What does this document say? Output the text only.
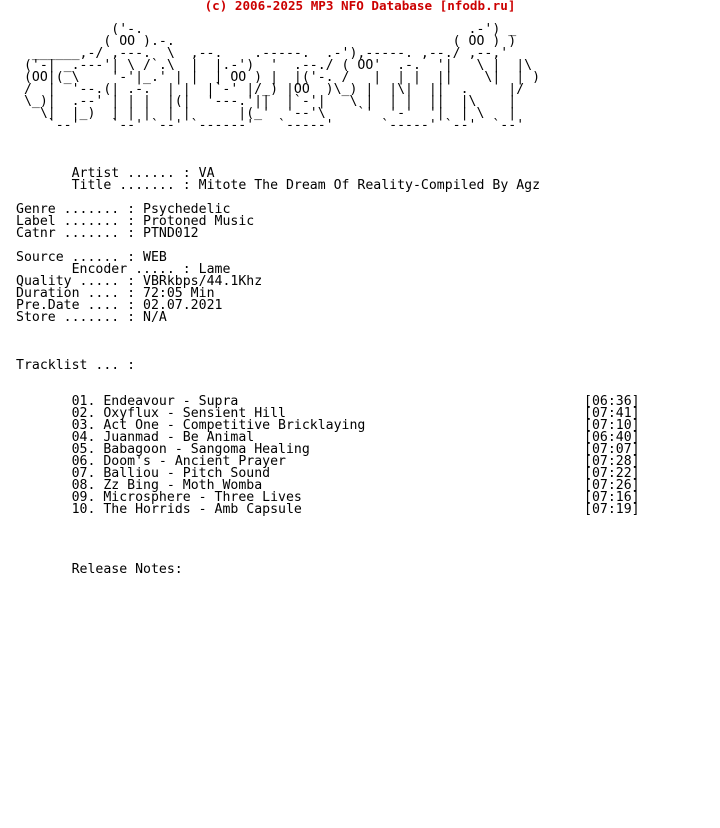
(c) 2006-2025 MP3 NFO Database [nfodb.ru]
('-.                                         .-') _
( OO ).-.                                   ( OO ) )
______,-/ ,---.  \  ,--.    .-----.  .-'),-----. ,--./ ,--,'
('-| _.---'| \ /`.\  |  |.-')  '  .--./ ( OO'  .-.  '|   \ |  |\
(OO|(_\    '-'|_.' | |  | OO ) |  |('-. /   |  | |  ||    \|  | )
/  |  '--.(| .-.  | |  |`-' |/_) |OO  )\_) |  |\|  ||  .     |/
\_)|  .--' | | |  |(|  '---.'||  |`-'|   \ |  | |  ||  |\    |
\|  |_)  | | |  | |      |(_'  '--'\    `'  '-'  '|  | \   |
`--'    `--' `--' `------'   `-----'      `-----' `--'  `--'
Artist ...... : VA
Title ....... : Mitote The Dream Of Reality-Compiled By Agz
Genre ....... : Psychedelic
Label ....... : Protoned Music
Catnr ....... : PTND012
Source ...... : WEB
Encoder ..... : Lame
Quality ..... : VBRkbps/44.1Khz
Duration .... : 72:05 Min
Pre.Date .... : 02.07.2021
Store ....... : N/A
Tracklist ... :
01. Endeavour - Supra	[06:36]
02. Oxyflux - Sensient Hill	[07:41]
03. Act One - Competitive Bricklaying	[07:10]
04. Juanmad - Be Animal	[06:40]
05. Babagoon - Sangoma Healing	[07:07]
06. Doom's - Ancient Prayer	[07:28]
07. Balliou - Pitch Sound	[07:22]
08. Zz Bing - Moth Womba	[07:26]
09. Microsphere - Three Lives	[07:16]
10. The Horrids - Amb Capsule	[07:19]
Release Notes:
